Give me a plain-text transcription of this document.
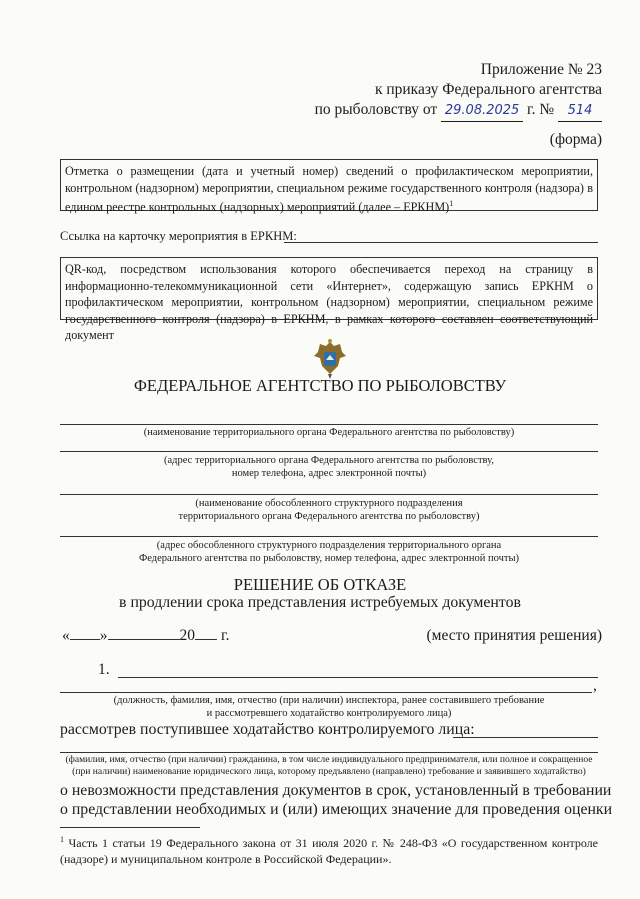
Приложение № 23
к приказу Федерального агентства
по рыболовству от 29.08.2025 г. № 514
(форма)
Отметка о размещении (дата и учетный номер) сведений о профилактическом мероприятии, контрольном (надзорном) мероприятии, специальном режиме государственного контроля (надзора) в едином реестре контрольных (надзорных) мероприятий (далее – ЕРКНМ)$^1$
Ссылка на карточку мероприятия в ЕРКНМ:
QR-код, посредством использования которого обеспечивается переход на страницу в информационно-телекоммуникационной сети «Интернет», содержащую запись ЕРКНМ о профилактическом мероприятии, контрольном (надзорном) мероприятии, специальном режиме государственного контроля (надзора) в ЕРКНМ, в рамках которого составлен соответствующий документ
ФЕДЕРАЛЬНОЕ АГЕНТСТВО ПО РЫБОЛОВСТВУ
(наименование территориального органа Федерального агентства по рыболовству)
(адрес территориального органа Федерального агентства по рыболовству,
номер телефона, адрес электронной почты)
(наименование обособленного структурного подразделения
территориального органа Федерального агентства по рыболовству)
(адрес обособленного структурного подразделения территориального органа
Федерального агентства по рыболовству, номер телефона, адрес электронной почты)
РЕШЕНИЕ ОБ ОТКАЗЕ
в продлении срока представления истребуемых документов
« »	20 г.	(место принятия решения)
1.
,
(должность, фамилия, имя, отчество (при наличии) инспектора, ранее составившего требование
и рассмотревшего ходатайство контролируемого лица)
рассмотрев поступившее ходатайство контролируемого лица:
(фамилия, имя, отчество (при наличии) гражданина, в том числе индивидуального предпринимателя, или полное и сокращенное
(при наличии) наименование юридического лица, которому предъявлено (направлено) требование и заявившего ходатайство)
о невозможности представления документов в срок, установленный в требовании
о представлении необходимых и (или) имеющих значение для проведения оценки
$^1$ Часть 1 статьи 19 Федерального закона от 31 июля 2020 г. № 248-ФЗ «О государственном контроле (надзоре) и муниципальном контроле в Российской Федерации».
